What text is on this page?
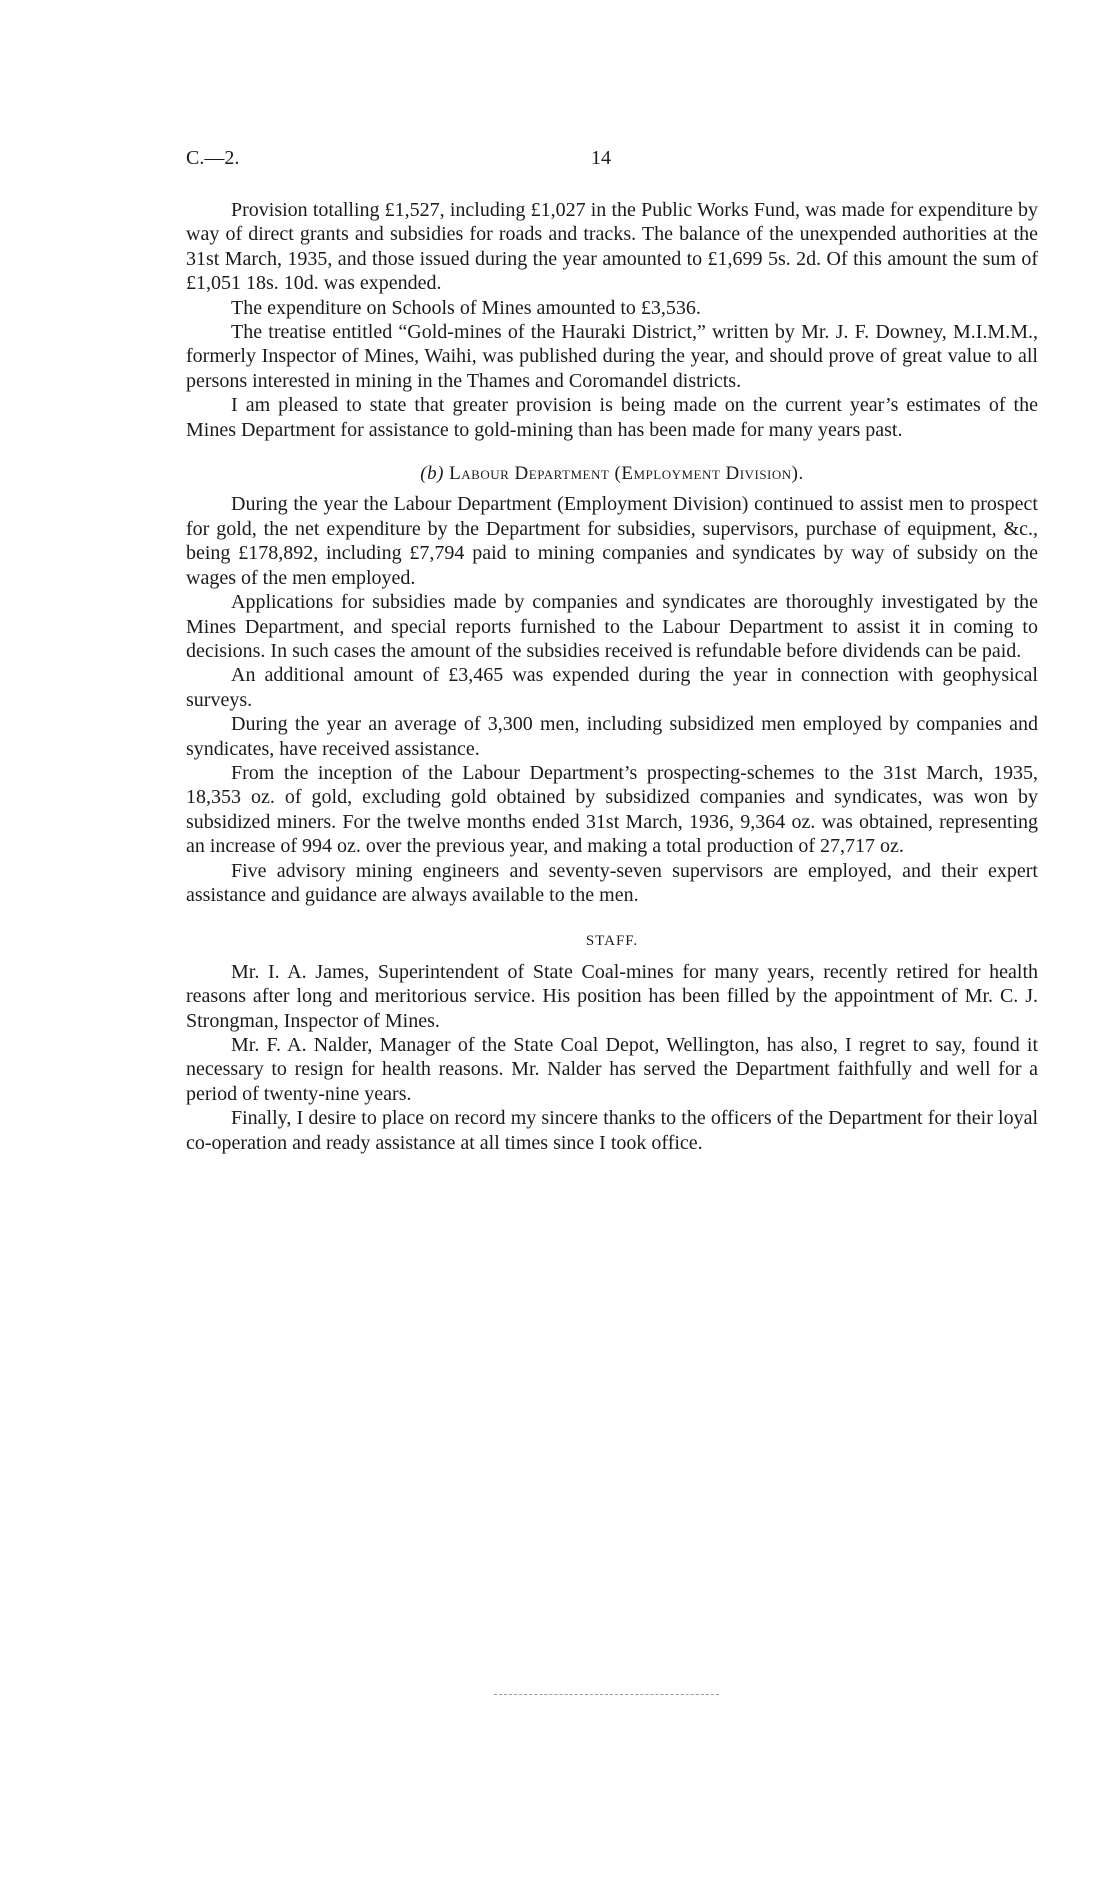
C.—2.	14

Provision totalling £1,527, including £1,027 in the Public Works Fund, was made for expenditure by way of direct grants and subsidies for roads and tracks. The balance of the unexpended authorities at the 31st March, 1935, and those issued during the year amounted to £1,699 5s. 2d. Of this amount the sum of £1,051 18s. 10d. was expended.

The expenditure on Schools of Mines amounted to £3,536.

The treatise entitled “Gold-mines of the Hauraki District,” written by Mr. J. F. Downey, M.I.M.M., formerly Inspector of Mines, Waihi, was published during the year, and should prove of great value to all persons interested in mining in the Thames and Coromandel districts.

I am pleased to state that greater provision is being made on the current year’s estimates of the Mines Department for assistance to gold-mining than has been made for many years past.

(b) Labour Department (Employment Division).

During the year the Labour Department (Employment Division) continued to assist men to prospect for gold, the net expenditure by the Department for subsidies, supervisors, purchase of equipment, &c., being £178,892, including £7,794 paid to mining companies and syndicates by way of subsidy on the wages of the men employed.

Applications for subsidies made by companies and syndicates are thoroughly investigated by the Mines Department, and special reports furnished to the Labour Department to assist it in coming to decisions. In such cases the amount of the subsidies received is refundable before dividends can be paid.

An additional amount of £3,465 was expended during the year in connection with geophysical surveys.

During the year an average of 3,300 men, including subsidized men employed by companies and syndicates, have received assistance.

From the inception of the Labour Department’s prospecting-schemes to the 31st March, 1935, 18,353 oz. of gold, excluding gold obtained by subsidized companies and syndicates, was won by subsidized miners. For the twelve months ended 31st March, 1936, 9,364 oz. was obtained, representing an increase of 994 oz. over the previous year, and making a total production of 27,717 oz.

Five advisory mining engineers and seventy-seven supervisors are employed, and their expert assistance and guidance are always available to the men.

STAFF.

Mr. I. A. James, Superintendent of State Coal-mines for many years, recently retired for health reasons after long and meritorious service. His position has been filled by the appointment of Mr. C. J. Strongman, Inspector of Mines.

Mr. F. A. Nalder, Manager of the State Coal Depot, Wellington, has also, I regret to say, found it necessary to resign for health reasons. Mr. Nalder has served the Department faithfully and well for a period of twenty-nine years.

Finally, I desire to place on record my sincere thanks to the officers of the Department for their loyal co-operation and ready assistance at all times since I took office.
